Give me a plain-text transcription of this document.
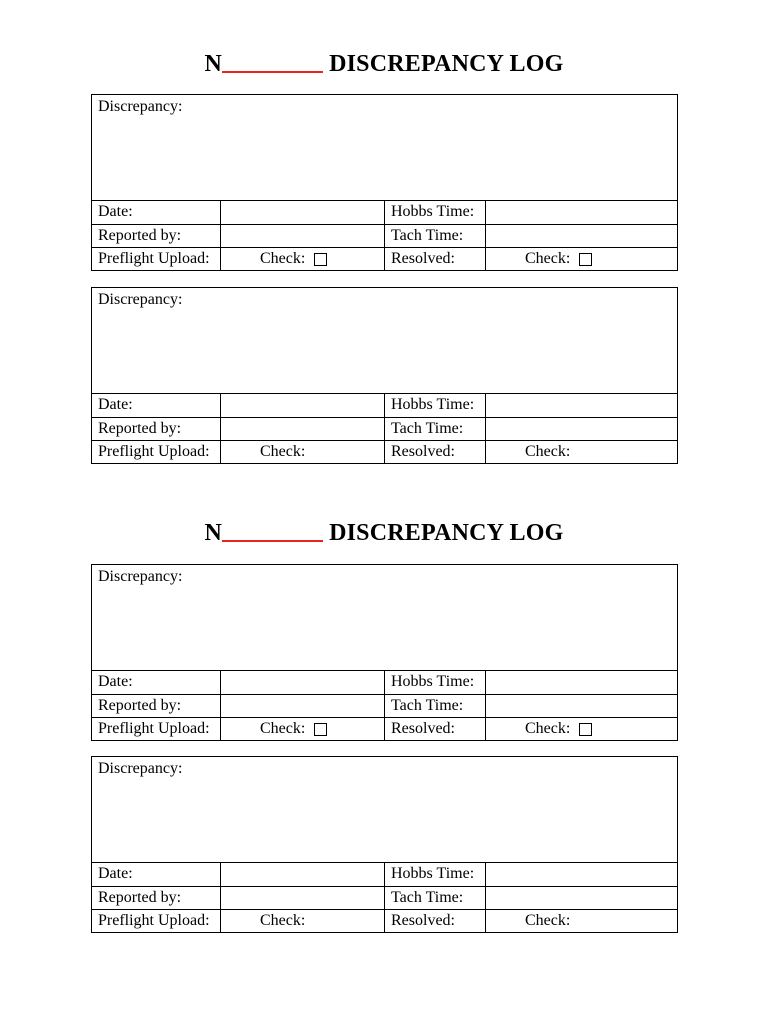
N	DISCREPANCY LOG
Discrepancy:
Date:	Hobbs Time:
Reported by:	Tach Time:
Preflight Upload:	Check:	Resolved:	Check:
Discrepancy:
Date:	Hobbs Time:
Reported by:	Tach Time:
Preflight Upload:	Check:	Resolved:	Check:
N	DISCREPANCY LOG
Discrepancy:
Date:	Hobbs Time:
Reported by:	Tach Time:
Preflight Upload:	Check:	Resolved:	Check:
Discrepancy:
Date:	Hobbs Time:
Reported by:	Tach Time:
Preflight Upload:	Check:	Resolved:	Check:
